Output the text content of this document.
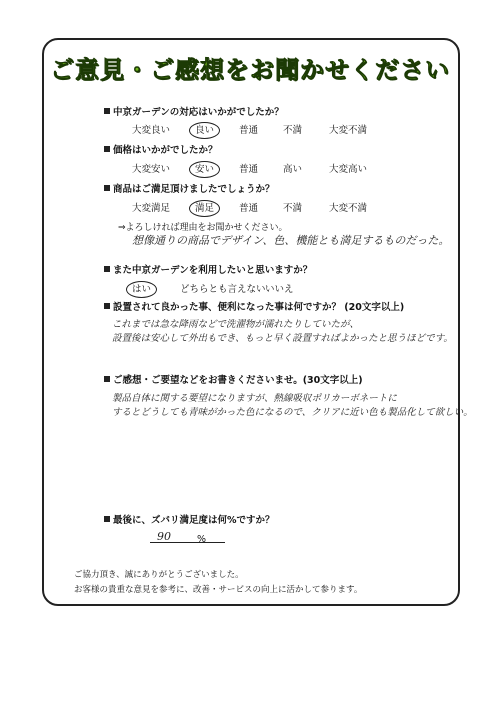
ご意見・ご感想をお聞かせください
中京ガーデンの対応はいかがでしたか？
大変良い	良い	普通	不満	大変不満
価格はいかがでしたか？
大変安い	安い	普通	高い	大変高い
商品はご満足頂けましたでしょうか？
大変満足	満足	普通	不満	大変不満
⇒よろしければ理由をお聞かせください。
想像通りの商品でデザイン、色、機能とも満足するものだった。
また中京ガーデンを利用したいと思いますか？
はい	どちらとも言えない いいえ
設置されて良かった事、便利になった事は何ですか？ (20文字以上)
これまでは急な降雨などで洗濯物が濡れたりしていたが、
設置後は安心して外出もでき、もっと早く設置すればよかったと思うほどです。
ご感想・ご要望などをお書きくださいませ。(30文字以上)
製品自体に関する要望になりますが、熱線吸収ポリカーボネートに
するとどうしても青味がかった色になるので、クリアに近い色も製品化して欲しい。
最後に、ズバリ満足度は何%ですか？
90	%
ご協力頂き、誠にありがとうございました。
お客様の貴重な意見を参考に、改善・サービスの向上に活かして参ります。
